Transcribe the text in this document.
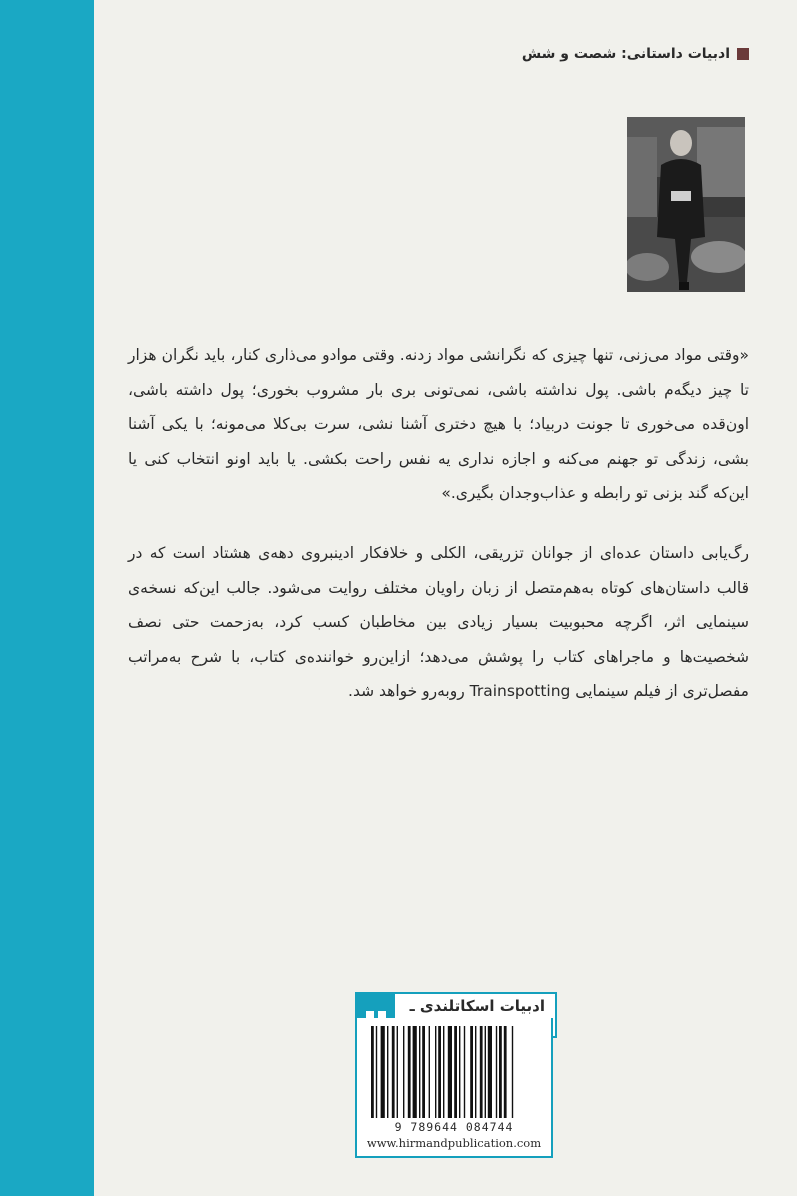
ادبیات داستانی: شصت و شش
«وقتی مواد می‌زنی، تنها چیزی که نگرانشی مواد زدنه. وقتی موادو می‌ذاری کنار، باید نگران هزار تا چیز دیگه‌م باشی. پول نداشته باشی، نمی‌تونی بری بار مشروب بخوری؛ پول داشته باشی، اون‌قده می‌خوری تا جونت دربیاد؛ با هیچ دختری آشنا نشی، سرت بی‌کلا می‌مونه؛ با یکی آشنا بشی، زندگی تو جهنم می‌کنه و اجازه نداری یه نفس راحت بکشی. یا باید اونو انتخاب کنی یا این‌که گند بزنی تو رابطه و عذاب‌وجدان بگیری.»
رگ‌یابی داستان عده‌ای از جوانان تزریقی، الکلی و خلافکار ادینبروی دهه‌ی هشتاد است که در قالب داستان‌های کوتاه به‌هم‌متصل از زبان راویان مختلف روایت می‌شود. جالب این‌که نسخه‌ی سینمایی اثر، اگرچه محبوبیت بسیار زیادی بین مخاطبان کسب کرد، به‌زحمت حتی نصف شخصیت‌ها و ماجراهای کتاب را پوشش می‌دهد؛ ازاین‌رو خواننده‌ی کتاب، با شرح به‌مراتب مفصل‌تری از فیلم سینمایی Trainspotting روبه‌رو خواهد شد.
ادبیات اسکاتلندی ـ
9 789644 084744
www.hirmandpublication.com
